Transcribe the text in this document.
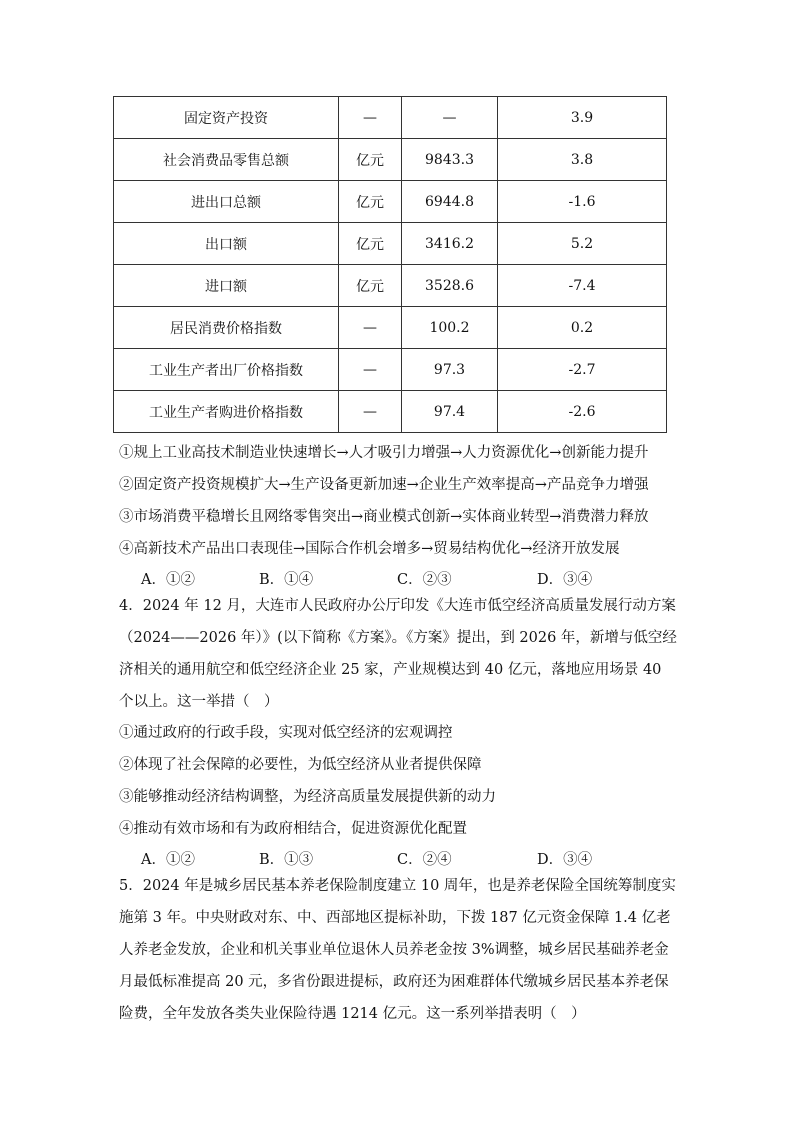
固定资产投资	—	—	3.9
社会消费品零售总额	亿元	9843.3	3.8
进出口总额	亿元	6944.8	-1.6
出口额	亿元	3416.2	5.2
进口额	亿元	3528.6	-7.4
居民消费价格指数	—	100.2	0.2
工业生产者出厂价格指数	—	97.3	-2.7
工业生产者购进价格指数	—	97.4	-2.6
①规上工业高技术制造业快速增长→人才吸引力增强→人力资源优化→创新能力提升
②固定资产投资规模扩大→生产设备更新加速→企业生产效率提高→产品竞争力增强
③市场消费平稳增长且网络零售突出→商业模式创新→实体商业转型→消费潜力释放
④高新技术产品出口表现佳→国际合作机会增多→贸易结构优化→经济开放发展
A．①②	B．①④	C．②③	D．③④
4．2024 年 12 月，大连市人民政府办公厅印发《大连市低空经济高质量发展行动方案（2024——2026 年）》(以下简称《方案》。《方案》提出，到 2026 年，新增与低空经济相关的通用航空和低空经济企业 25 家，产业规模达到 40 亿元，落地应用场景 40 个以上。这一举措（　）
①通过政府的行政手段，实现对低空经济的宏观调控
②体现了社会保障的必要性，为低空经济从业者提供保障
③能够推动经济结构调整，为经济高质量发展提供新的动力
④推动有效市场和有为政府相结合，促进资源优化配置
A．①②	B．①③	C．②④	D．③④
5．2024 年是城乡居民基本养老保险制度建立 10 周年，也是养老保险全国统筹制度实施第 3 年。中央财政对东、中、西部地区提标补助，下拨 187 亿元资金保障 1.4 亿老人养老金发放，企业和机关事业单位退休人员养老金按 3%调整，城乡居民基础养老金月最低标准提高 20 元，多省份跟进提标，政府还为困难群体代缴城乡居民基本养老保险费，全年发放各类失业保险待遇 1214 亿元。这一系列举措表明（　）
